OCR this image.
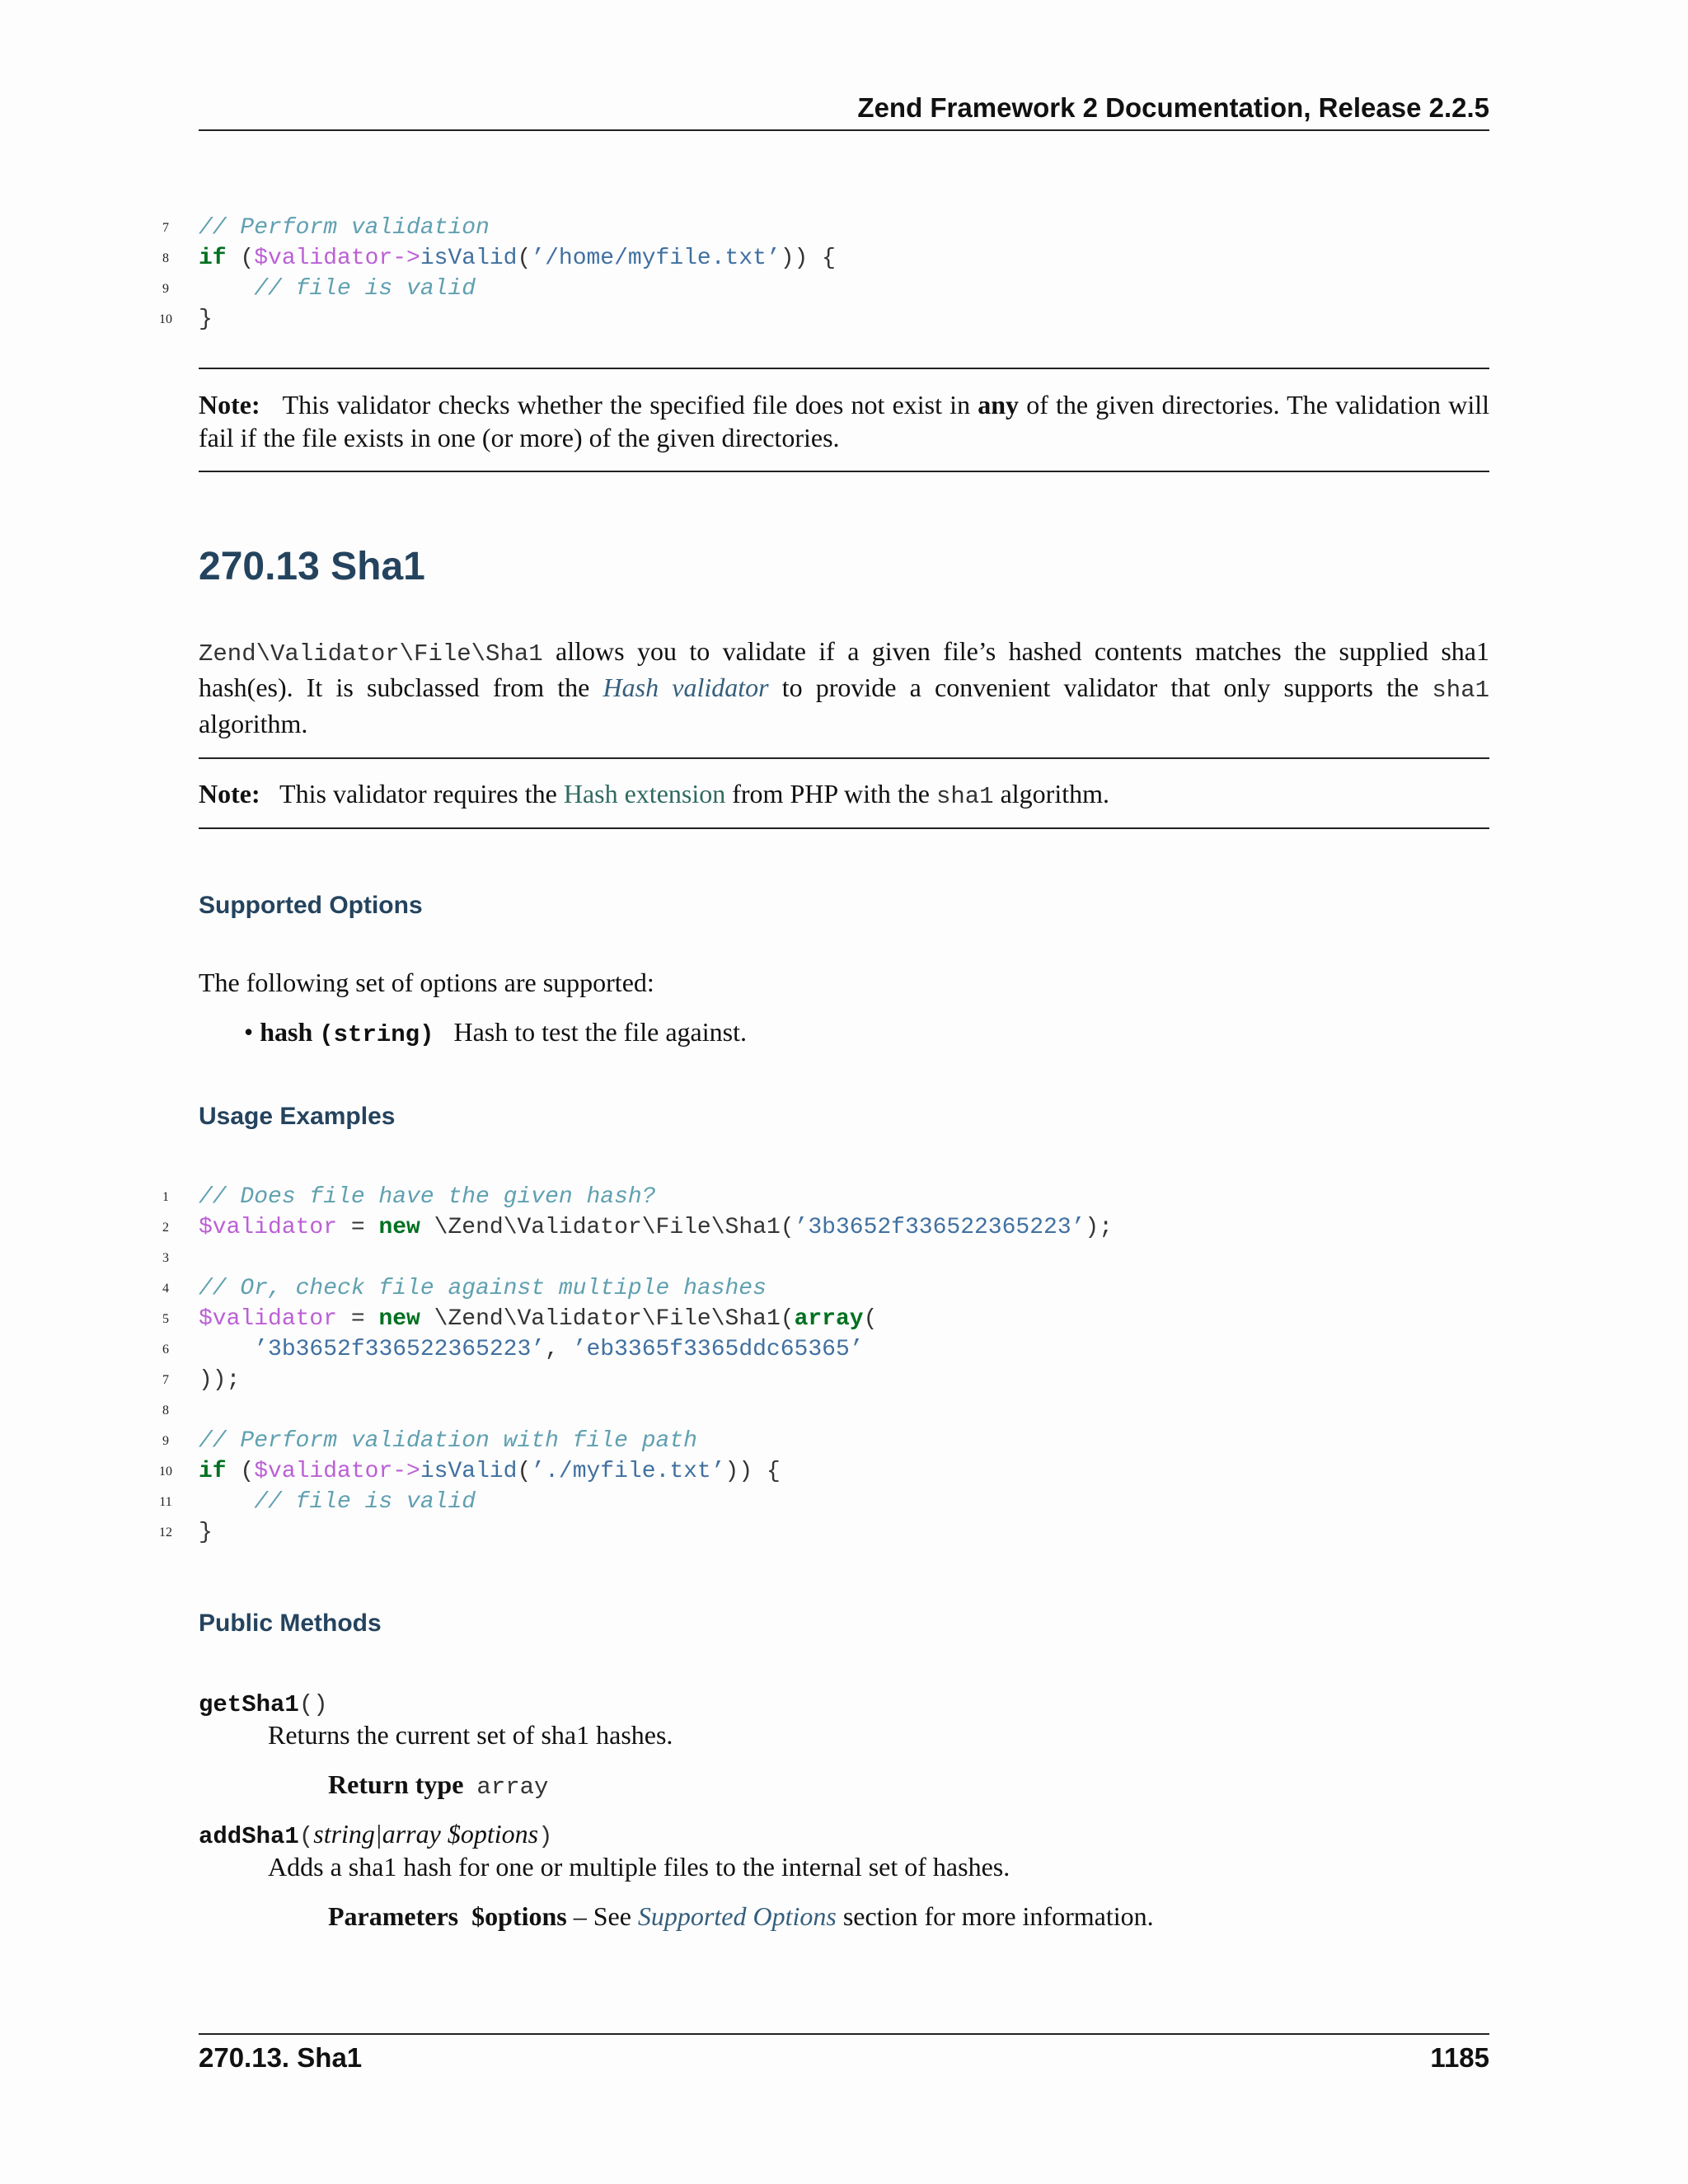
Zend Framework 2 Documentation, Release 2.2.5
7	// Perform validation
8	if ($validator->isValid(’/home/myfile.txt’)) {
9	// file is valid
10	}
Note: This validator checks whether the specified file does not exist in any of the given directories. The validation will fail if the file exists in one (or more) of the given directories.
270.13 Sha1
Zend\Validator\File\Sha1 allows you to validate if a given file’s hashed contents matches the supplied sha1 hash(es). It is subclassed from the Hash validator to provide a convenient validator that only supports the sha1 algorithm.
Note: This validator requires the Hash extension from PHP with the sha1 algorithm.
Supported Options
The following set of options are supported:
• hash (string) Hash to test the file against.
Usage Examples
1	// Does file have the given hash?
2	$validator = new \Zend\Validator\File\Sha1(’3b3652f336522365223’);
3
4	// Or, check file against multiple hashes
5	$validator = new \Zend\Validator\File\Sha1(array(
6	’3b3652f336522365223’, ’eb3365f3365ddc65365’
7	));
8
9	// Perform validation with file path
10	if ($validator->isValid(’./myfile.txt’)) {
11	// file is valid
12	}
Public Methods
getSha1()
Returns the current set of sha1 hashes.
Return type array
addSha1(string|array $options)
Adds a sha1 hash for one or multiple files to the internal set of hashes.
Parameters $options – See Supported Options section for more information.
270.13. Sha1	1185
